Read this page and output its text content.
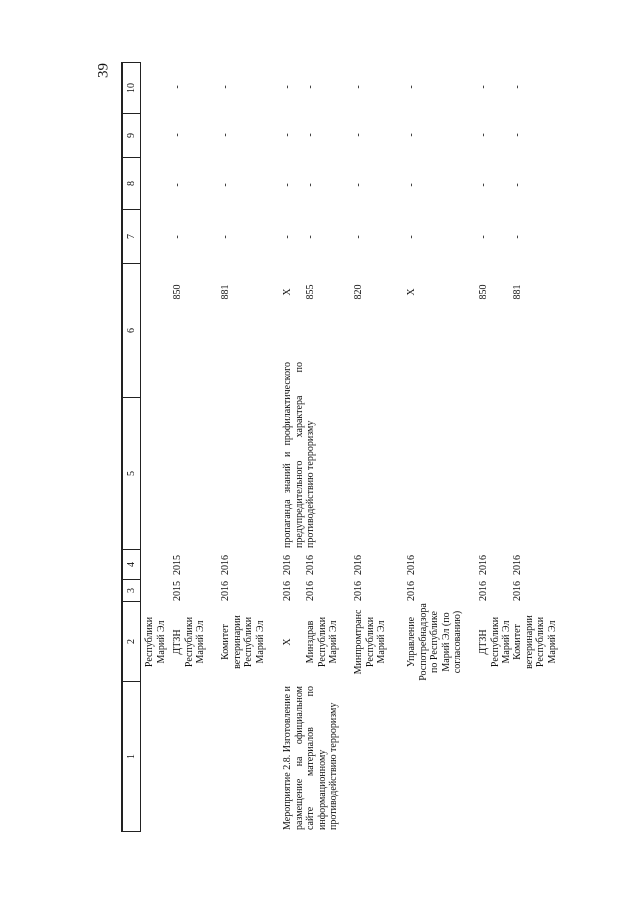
39
1
2
3
4
5
6
7
8
9
10
Республики Марий Эл ДТЗН Республики Марий Эл
2015
2015
850
-
-
-
-
Комитет ветеринарии Республики Марий Эл
2016
2016
881
-
-
-
-
Мероприятие 2.8. Изготовление и размещение на официальном сайте материалов по информационному противодействию терроризму
Х
2016
2016
пропаганда знаний и профилактического предупредительного характера по противодействию терроризму
Х
-
-
-
-
Минздрав Республики Марий Эл
2016
2016
855
-
-
-
-
Минпромтранс Республики Марий Эл
2016
2016
820
-
-
-
-
Управление Роспотребнадзора по Республике Марий Эл (по согласованию)
2016
2016
Х
-
-
-
-
ДТЗН Республики Марий Эл
2016
2016
850
-
-
-
-
Комитет ветеринарии Республики Марий Эл
2016
2016
881
-
-
-
-
